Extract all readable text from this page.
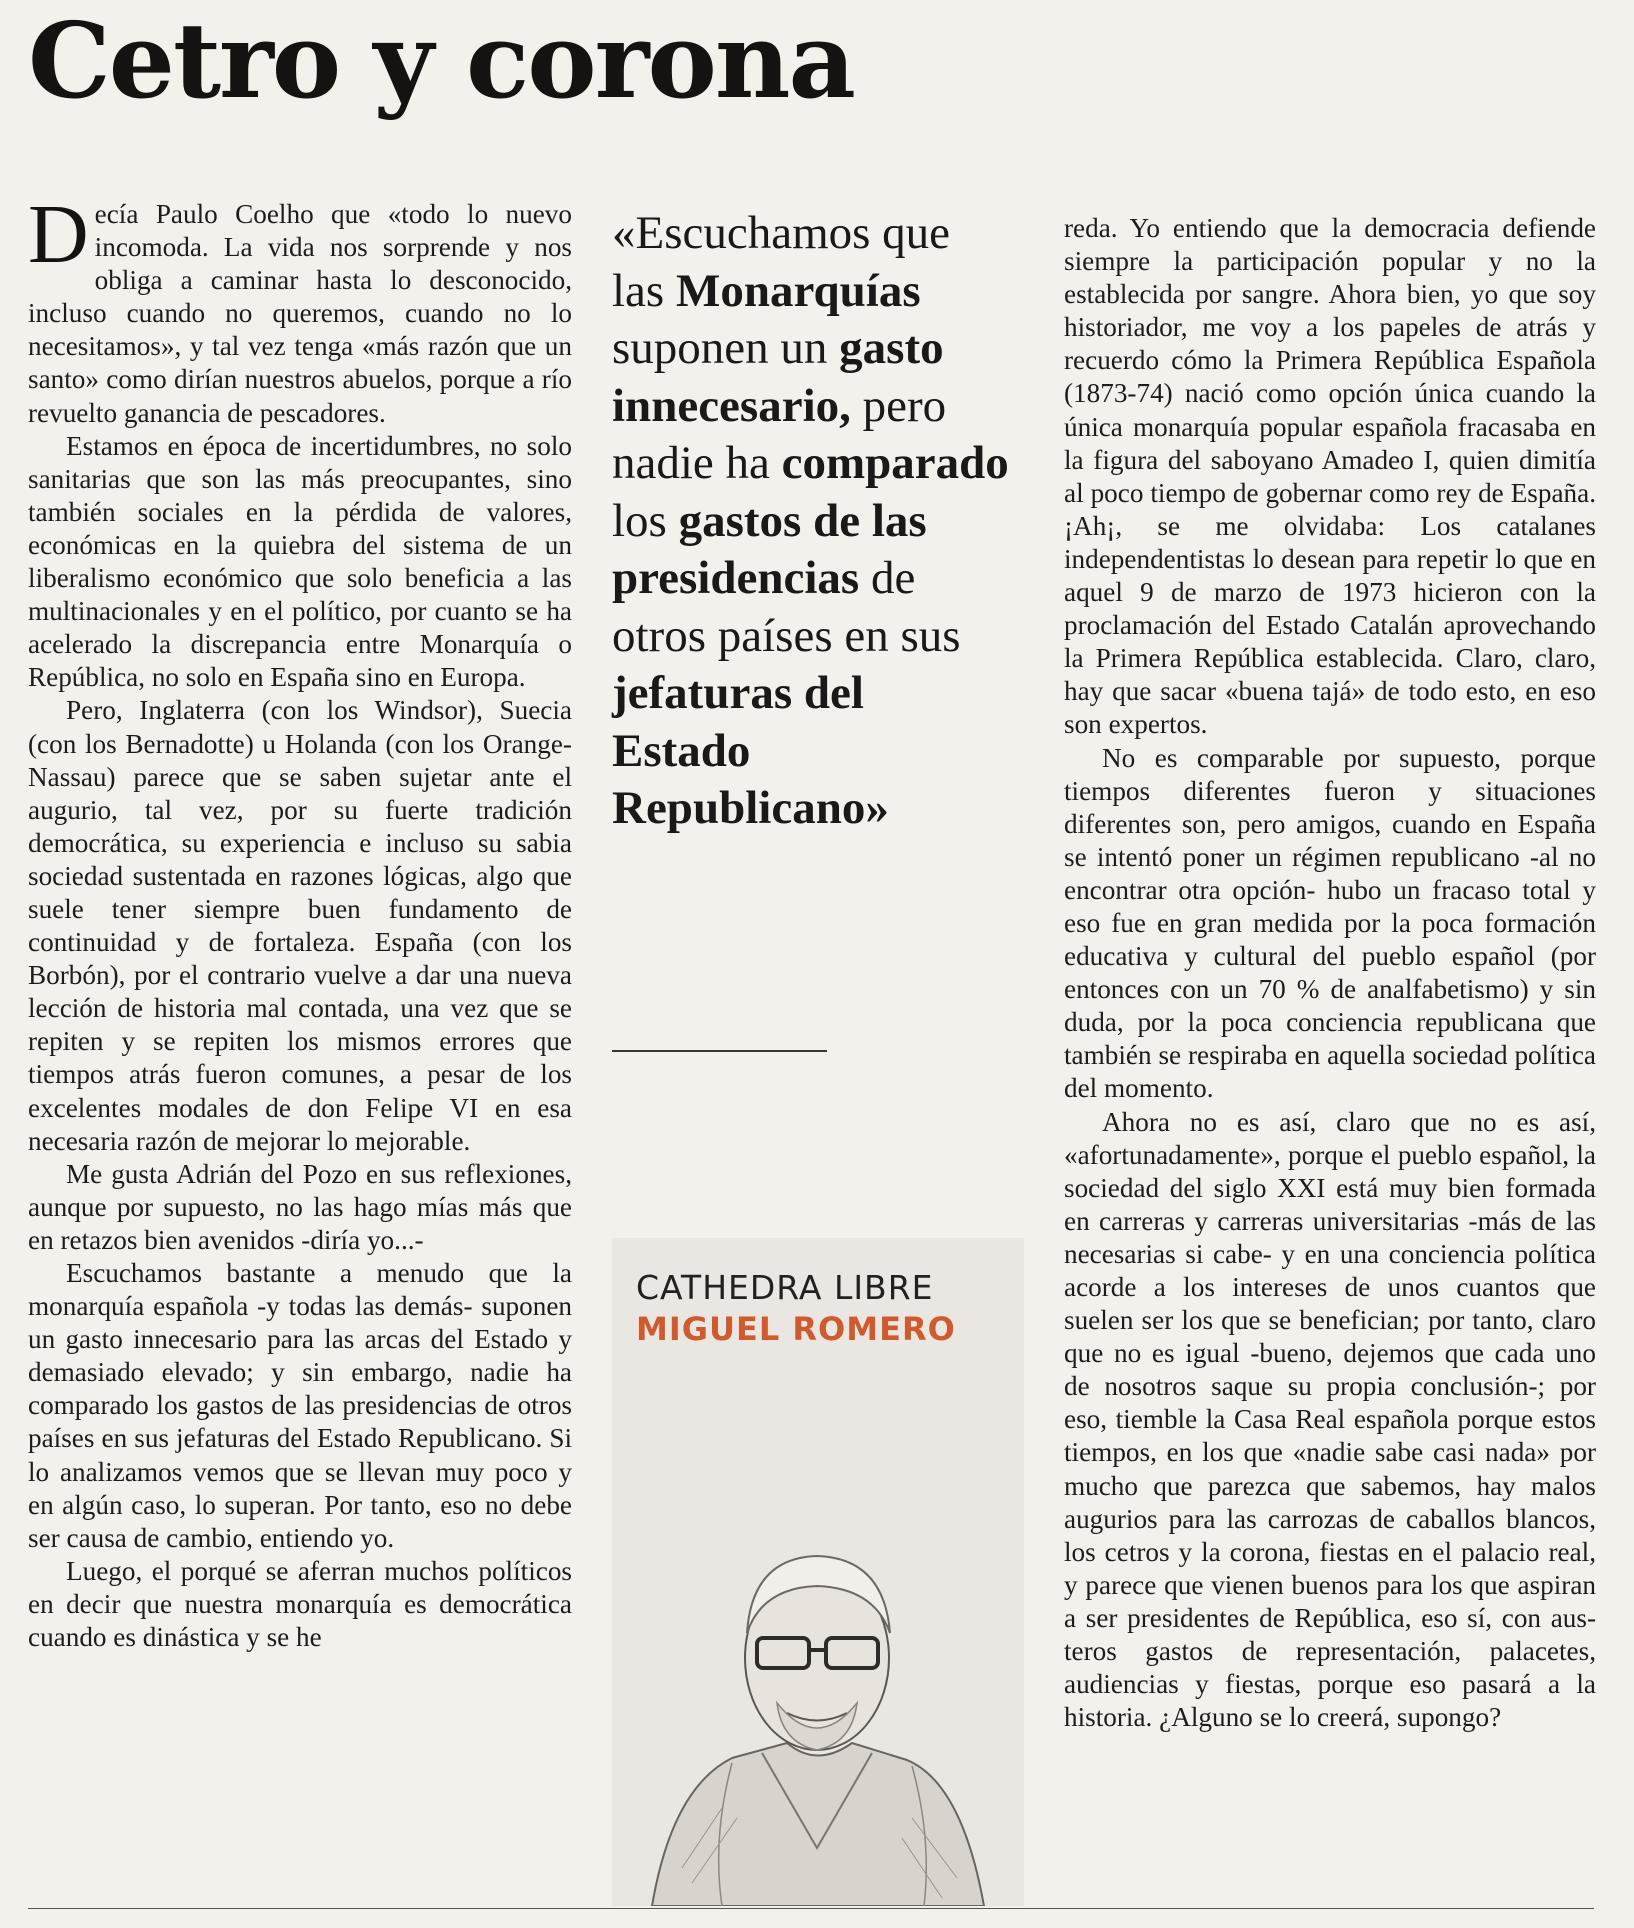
Cetro y corona

Decía Paulo Coelho que «todo lo nuevo incomoda. La vida nos sorprende y nos obliga a caminar hasta lo desconocido, incluso cuando no queremos, cuando no lo necesitamos», y tal vez tenga «más razón que un santo» como dirían nuestros abuelos, porque a río revuelto ganancia de pescadores.

Estamos en época de incertidumbres, no solo sanitarias que son las más preocupantes, sino también sociales en la pérdida de valores, económicas en la quiebra del sistema de un liberalismo económico que solo beneficia a las multinacionales y en el político, por cuanto se ha acelerado la discrepancia entre Monarquía o República, no solo en España sino en Europa.

Pero, Inglaterra (con los Windsor), Suecia (con los Bernadotte) u Holanda (con los Orange-Nassau) parece que se saben sujetar ante el augurio, tal vez, por su fuerte tradición democrática, su experiencia e incluso su sabia sociedad sustentada en razones lógicas, algo que suele tener siempre buen fundamento de continuidad y de fortaleza. España (con los Borbón), por el contrario vuelve a dar una nueva lección de historia mal contada, una vez que se repiten y se repiten los mismos errores que tiempos atrás fueron comunes, a pesar de los excelentes modales de don Felipe VI en esa necesaria razón de mejorar lo mejorable.

Me gusta Adrián del Pozo en sus reflexiones, aunque por supuesto, no las hago mías más que en retazos bien avenidos -diría yo...-

Escuchamos bastante a menudo que la monarquía española -y todas las demás- suponen un gasto innecesario para las arcas del Estado y demasiado elevado; y sin embargo, nadie ha comparado los gastos de las presidencias de otros países en sus jefaturas del Estado Republicano. Si lo analizamos vemos que se llevan muy poco y en algún caso, lo superan. Por tanto, eso no debe ser causa de cambio, entiendo yo.

Luego, el porqué se aferran muchos políticos en decir que nuestra monarquía es democrática cuando es dinástica y se he

«Escuchamos que las Monarquías suponen un gasto innecesario, pero nadie ha comparado los gastos de las presidencias de otros países en sus jefaturas del Estado Republicano»

CATHEDRA LIBRE
MIGUEL ROMERO

reda. Yo entiendo que la democracia defiende siempre la participación popular y no la establecida por sangre. Ahora bien, yo que soy historiador, me voy a los papeles de atrás y recuerdo cómo la Primera República Española (1873-74) nació como opción única cuando la única monarquía popular española fracasaba en la figura del saboyano Amadeo I, quien dimitía al poco tiempo de gobernar como rey de España. ¡Ah¡, se me olvidaba: Los catalanes independentistas lo desean para repetir lo que en aquel 9 de marzo de 1973 hicieron con la proclamación del Estado Catalán aprovechando la Primera República establecida. Claro, claro, hay que sacar «buena tajá» de todo esto, en eso son expertos.

No es comparable por supuesto, porque tiempos diferentes fueron y situaciones diferentes son, pero amigos, cuando en España se intentó poner un régimen republicano -al no encontrar otra opción- hubo un fracaso total y eso fue en gran medida por la poca formación educativa y cultural del pueblo español (por entonces con un 70 % de analfabetismo) y sin duda, por la poca conciencia republicana que también se respiraba en aquella sociedad política del momento.

Ahora no es así, claro que no es así, «afortunadamente», porque el pueblo español, la sociedad del siglo XXI está muy bien formada en carreras y carreras universitarias -más de las necesarias si cabe- y en una conciencia política acorde a los intereses de unos cuantos que suelen ser los que se benefician; por tanto, claro que no es igual -bueno, dejemos que cada uno de nosotros saque su propia conclusión-; por eso, tiemble la Casa Real española porque estos tiempos, en los que «nadie sabe casi nada» por mucho que parezca que sabemos, hay malos augurios para las carrozas de caballos blancos, los cetros y la corona, fiestas en el palacio real, y parece que vienen buenos para los que aspiran a ser presidentes de República, eso sí, con austeros gastos de representación, palacetes, audiencias y fiestas, porque eso pasará a la historia. ¿Alguno se lo creerá, supongo?
